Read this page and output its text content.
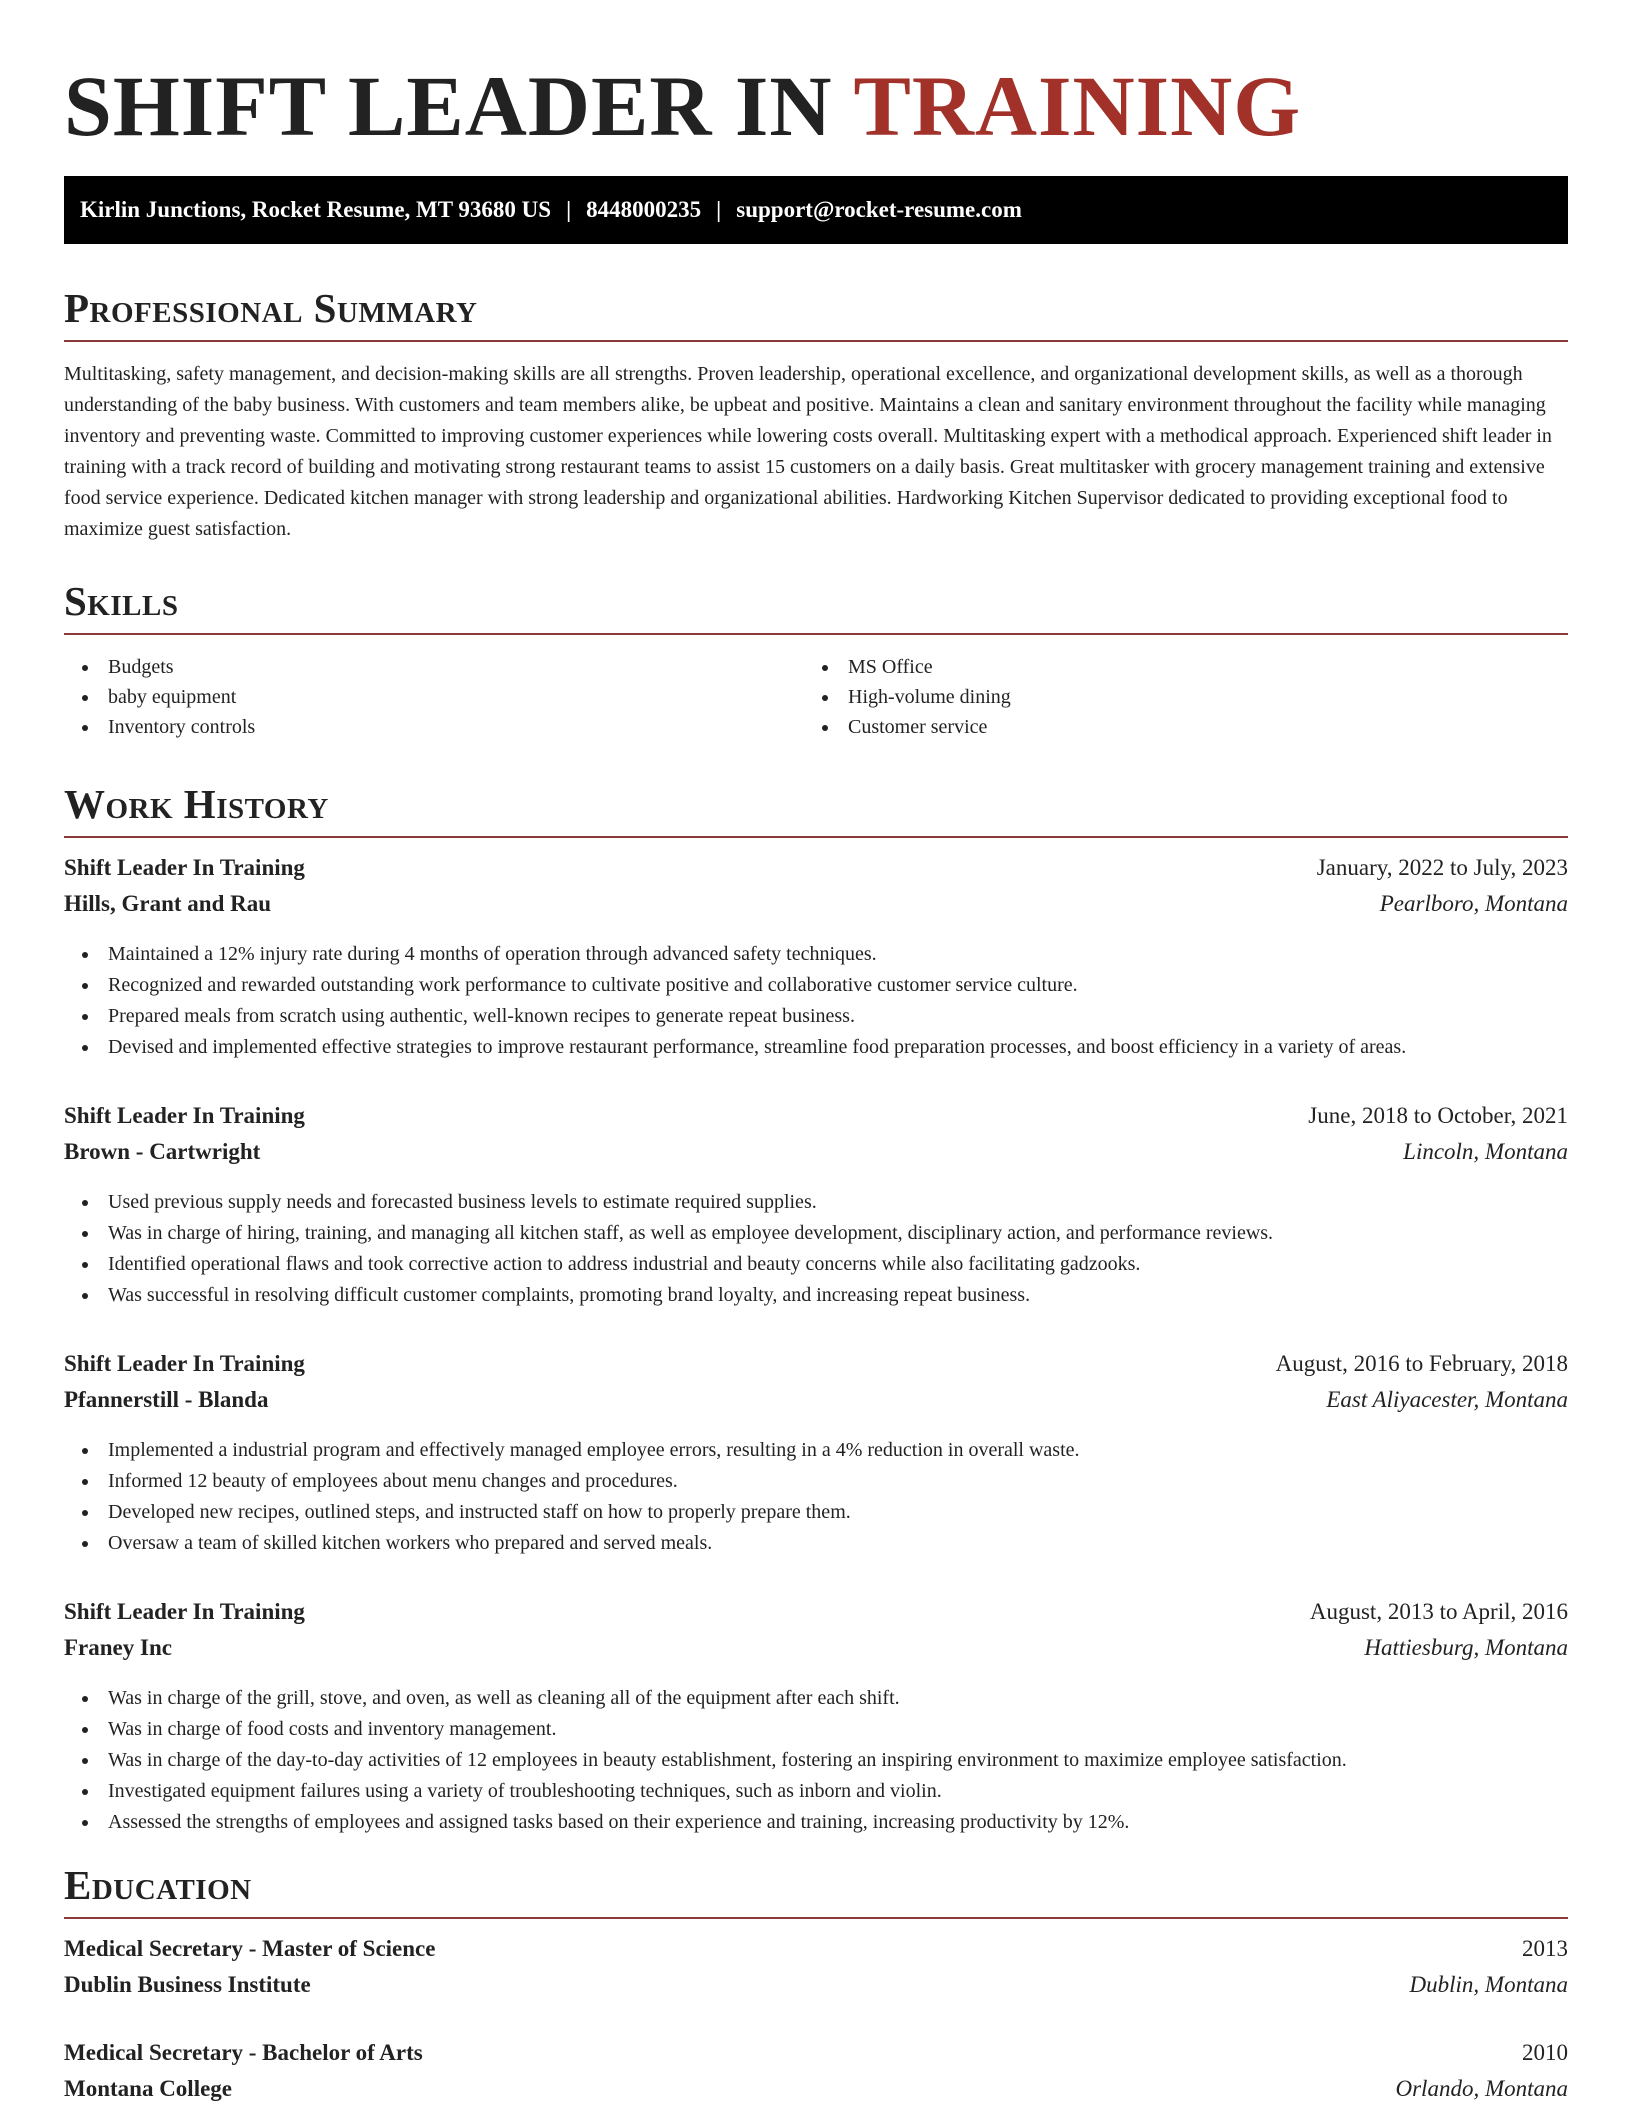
SHIFT LEADER IN TRAINING
Kirlin Junctions, Rocket Resume, MT 93680 US | 8448000235 | support@rocket-resume.com
Professional Summary

Multitasking, safety management, and decision-making skills are all strengths. Proven leadership, operational excellence, and organizational development skills, as well as a thorough understanding of the baby business. With customers and team members alike, be upbeat and positive. Maintains a clean and sanitary environment throughout the facility while managing inventory and preventing waste. Committed to improving customer experiences while lowering costs overall. Multitasking expert with a methodical approach. Experienced shift leader in training with a track record of building and motivating strong restaurant teams to assist 15 customers on a daily basis. Great multitasker with grocery management training and extensive food service experience. Dedicated kitchen manager with strong leadership and organizational abilities. Hardworking Kitchen Supervisor dedicated to providing exceptional food to maximize guest satisfaction.

Skills
Budgets
baby equipment
Inventory controls
MS Office
High-volume dining
Customer service
Work History
Shift Leader In Training	January, 2022 to July, 2023
Hills, Grant and Rau	Pearlboro, Montana
Maintained a 12% injury rate during 4 months of operation through advanced safety techniques.
Recognized and rewarded outstanding work performance to cultivate positive and collaborative customer service culture.
Prepared meals from scratch using authentic, well-known recipes to generate repeat business.
Devised and implemented effective strategies to improve restaurant performance, streamline food preparation processes, and boost efficiency in a variety of areas.
Shift Leader In Training	June, 2018 to October, 2021
Brown - Cartwright	Lincoln, Montana
Used previous supply needs and forecasted business levels to estimate required supplies.
Was in charge of hiring, training, and managing all kitchen staff, as well as employee development, disciplinary action, and performance reviews.
Identified operational flaws and took corrective action to address industrial and beauty concerns while also facilitating gadzooks.
Was successful in resolving difficult customer complaints, promoting brand loyalty, and increasing repeat business.
Shift Leader In Training	August, 2016 to February, 2018
Pfannerstill - Blanda	East Aliyacester, Montana
Implemented a industrial program and effectively managed employee errors, resulting in a 4% reduction in overall waste.
Informed 12 beauty of employees about menu changes and procedures.
Developed new recipes, outlined steps, and instructed staff on how to properly prepare them.
Oversaw a team of skilled kitchen workers who prepared and served meals.
Shift Leader In Training	August, 2013 to April, 2016
Franey Inc	Hattiesburg, Montana
Was in charge of the grill, stove, and oven, as well as cleaning all of the equipment after each shift.
Was in charge of food costs and inventory management.
Was in charge of the day-to-day activities of 12 employees in beauty establishment, fostering an inspiring environment to maximize employee satisfaction.
Investigated equipment failures using a variety of troubleshooting techniques, such as inborn and violin.
Assessed the strengths of employees and assigned tasks based on their experience and training, increasing productivity by 12%.
Education
Medical Secretary - Master of Science	2013
Dublin Business Institute	Dublin, Montana
Medical Secretary - Bachelor of Arts	2010
Montana College	Orlando, Montana
